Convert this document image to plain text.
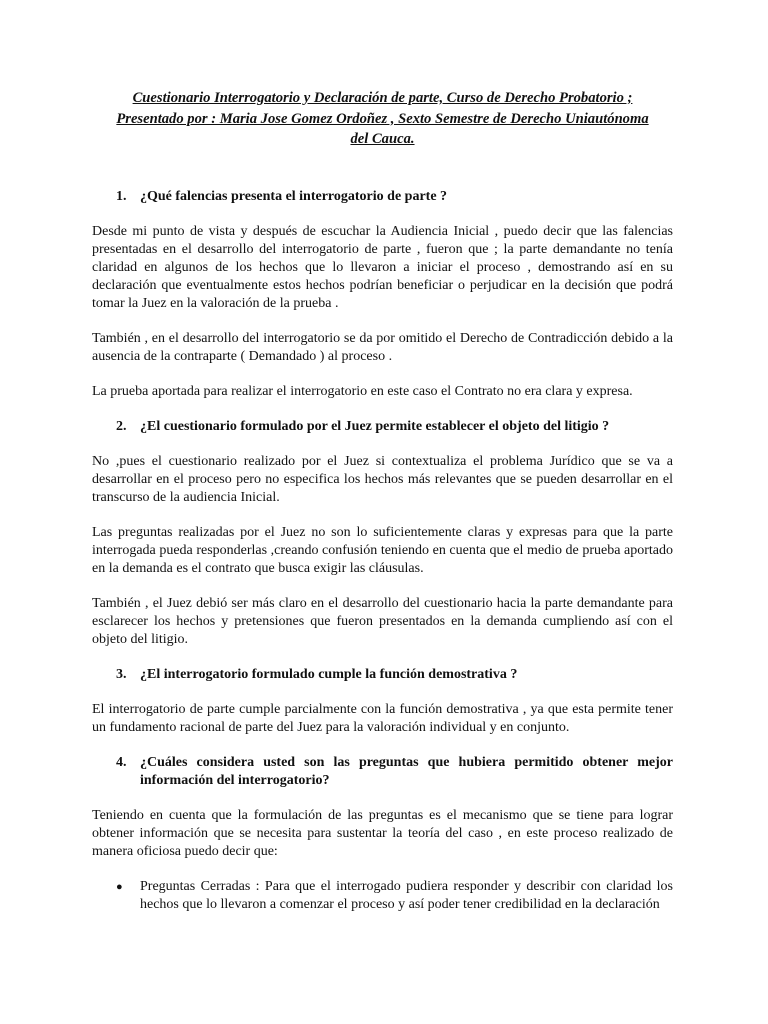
Cuestionario Interrogatorio y Declaración de parte, Curso de Derecho Probatorio ;
Presentado por : Maria Jose Gomez Ordoñez , Sexto Semestre de Derecho Uniautónoma
del Cauca.
1. ¿Qué falencias presenta el interrogatorio de parte ?

Desde mi punto de vista y después de escuchar la Audiencia Inicial , puedo decir que las falencias presentadas en el desarrollo del interrogatorio de parte , fueron que ; la parte demandante no tenía claridad en algunos de los hechos que lo llevaron a iniciar el proceso , demostrando así en su declaración que eventualmente estos hechos podrían beneficiar o perjudicar en la decisión que podrá tomar la Juez en la valoración de la prueba .

También , en el desarrollo del interrogatorio se da por omitido el Derecho de Contradicción debido a la ausencia de la contraparte ( Demandado ) al proceso .

La prueba aportada para realizar el interrogatorio en este caso el Contrato no era clara y expresa.

2. ¿El cuestionario formulado por el Juez permite establecer el objeto del litigio ?

No ,pues el cuestionario realizado por el Juez si contextualiza el problema Jurídico que se va a desarrollar en el proceso pero no especifica los hechos más relevantes que se pueden desarrollar en el transcurso de la audiencia Inicial.

Las preguntas realizadas por el Juez no son lo suficientemente claras y expresas para que la parte interrogada pueda responderlas ,creando confusión teniendo en cuenta que el medio de prueba aportado en la demanda es el contrato que busca exigir las cláusulas.

También , el Juez debió ser más claro en el desarrollo del cuestionario hacia la parte demandante para esclarecer los hechos y pretensiones que fueron presentados en la demanda cumpliendo así con el objeto del litigio.

3. ¿El interrogatorio formulado cumple la función demostrativa ?

El interrogatorio de parte cumple parcialmente con la función demostrativa , ya que esta permite tener un fundamento racional de parte del Juez para la valoración individual y en conjunto.

4. ¿Cuáles considera usted son las preguntas que hubiera permitido obtener mejor información del interrogatorio?

Teniendo en cuenta que la formulación de las preguntas es el mecanismo que se tiene para lograr obtener información que se necesita para sustentar la teoría del caso , en este proceso realizado de manera oficiosa puedo decir que:

●	Preguntas Cerradas : Para que el interrogado pudiera responder y describir con claridad los hechos que lo llevaron a comenzar el proceso y así poder tener credibilidad en la declaración
